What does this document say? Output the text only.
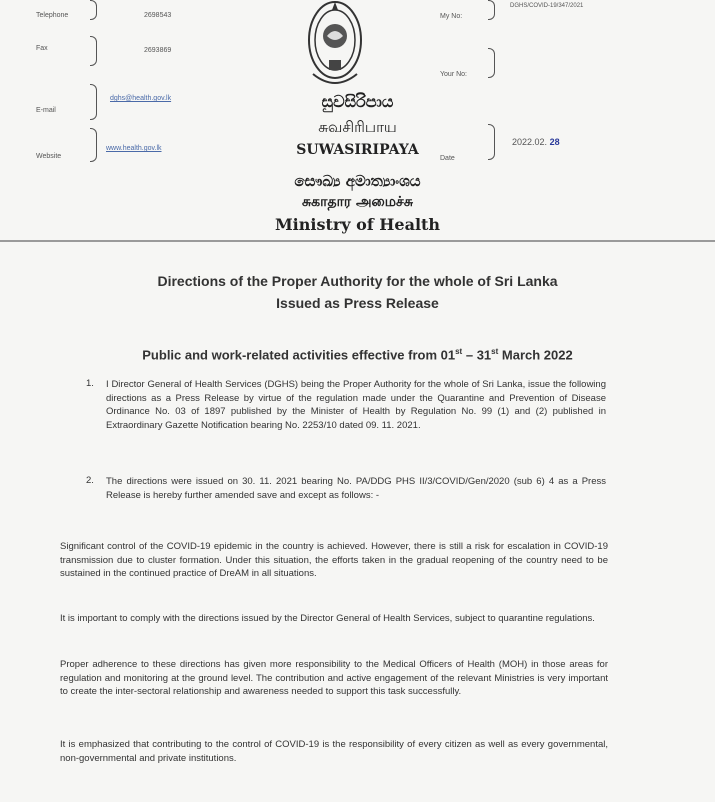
Telephone	2698543
Fax	2693869
E-mail
dghs@health.gov.lk
Website
www.health.gov.lk
My No:
DGHS/COVID-19/347/2021
Your No:
Date
2022.02. 28
සුවසිරිපාය
சுவசிரிபாய
SUWASIRIPAYA
සෞඛ්‍ය අමාත්‍යාංශය
சுகாதார அமைச்சு
Ministry of Health
Directions of the Proper Authority for the whole of Sri Lanka
Issued as Press Release
Public and work-related activities effective from 01st – 31st March 2022
1. I Director General of Health Services (DGHS) being the Proper Authority for the whole of Sri Lanka, issue the following directions as a Press Release by virtue of the regulation made under the Quarantine and Prevention of Disease Ordinance No. 03 of 1897 published by the Minister of Health by Regulation No. 99 (1) and (2) published in Extraordinary Gazette Notification bearing No. 2253/10 dated 09. 11. 2021.
2. The directions were issued on 30. 11. 2021 bearing No. PA/DDG PHS II/3/COVID/Gen/2020 (sub 6) 4 as a Press Release is hereby further amended save and except as follows: -
Significant control of the COVID-19 epidemic in the country is achieved. However, there is still a risk for escalation in COVID-19 transmission due to cluster formation. Under this situation, the efforts taken in the gradual reopening of the country need to be sustained in the continued practice of DreAM in all situations.
It is important to comply with the directions issued by the Director General of Health Services, subject to quarantine regulations.
Proper adherence to these directions has given more responsibility to the Medical Officers of Health (MOH) in those areas for regulation and monitoring at the ground level. The contribution and active engagement of the relevant Ministries is very important to create the inter-sectoral relationship and awareness needed to support this task successfully.
It is emphasized that contributing to the control of COVID-19 is the responsibility of every citizen as well as every governmental, non-governmental and private institutions.
